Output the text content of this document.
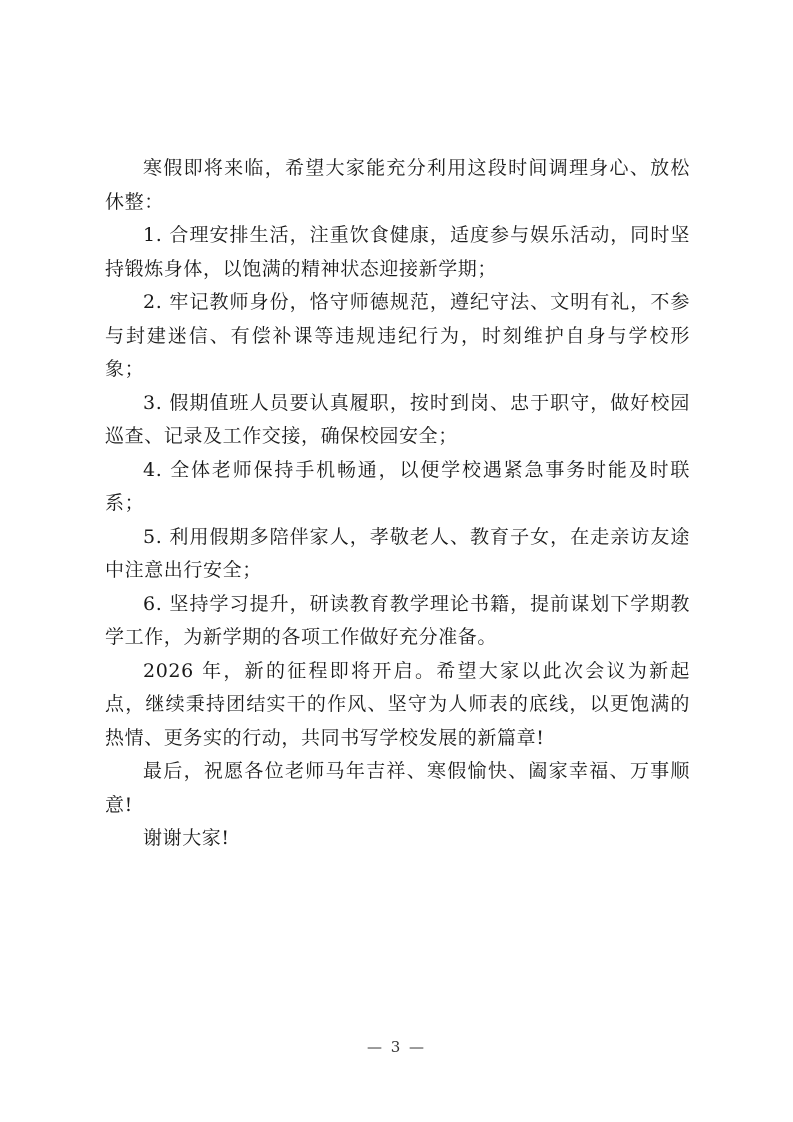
寒假即将来临，希望大家能充分利用这段时间调理身心、放松休整：

1. 合理安排生活，注重饮食健康，适度参与娱乐活动，同时坚持锻炼身体，以饱满的精神状态迎接新学期；

2. 牢记教师身份，恪守师德规范，遵纪守法、文明有礼，不参与封建迷信、有偿补课等违规违纪行为，时刻维护自身与学校形象；

3. 假期值班人员要认真履职，按时到岗、忠于职守，做好校园巡查、记录及工作交接，确保校园安全；

4. 全体老师保持手机畅通，以便学校遇紧急事务时能及时联系；

5. 利用假期多陪伴家人，孝敬老人、教育子女，在走亲访友途中注意出行安全；

6. 坚持学习提升，研读教育教学理论书籍，提前谋划下学期教学工作，为新学期的各项工作做好充分准备。

2026 年，新的征程即将开启。希望大家以此次会议为新起点，继续秉持团结实干的作风、坚守为人师表的底线，以更饱满的热情、更务实的行动，共同书写学校发展的新篇章!

最后，祝愿各位老师马年吉祥、寒假愉快、阖家幸福、万事顺意!

谢谢大家!

— 3 —
